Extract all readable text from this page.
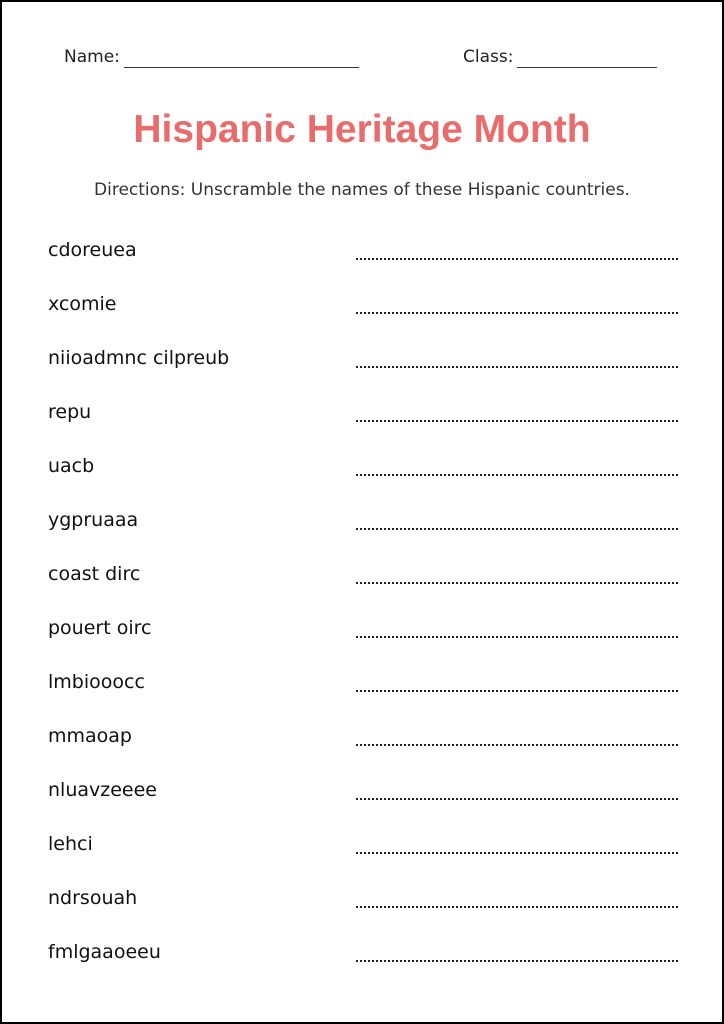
Name:	Class:
Hispanic Heritage Month

Directions: Unscramble the names of these Hispanic countries.

cdoreuea
xcomie
niioadmnc cilpreub
repu
uacb
ygpruaaa
coast dirc
pouert oirc
lmbiooocc
mmaoap
nluavzeeee
lehci
ndrsouah
fmlgaaoeeu
